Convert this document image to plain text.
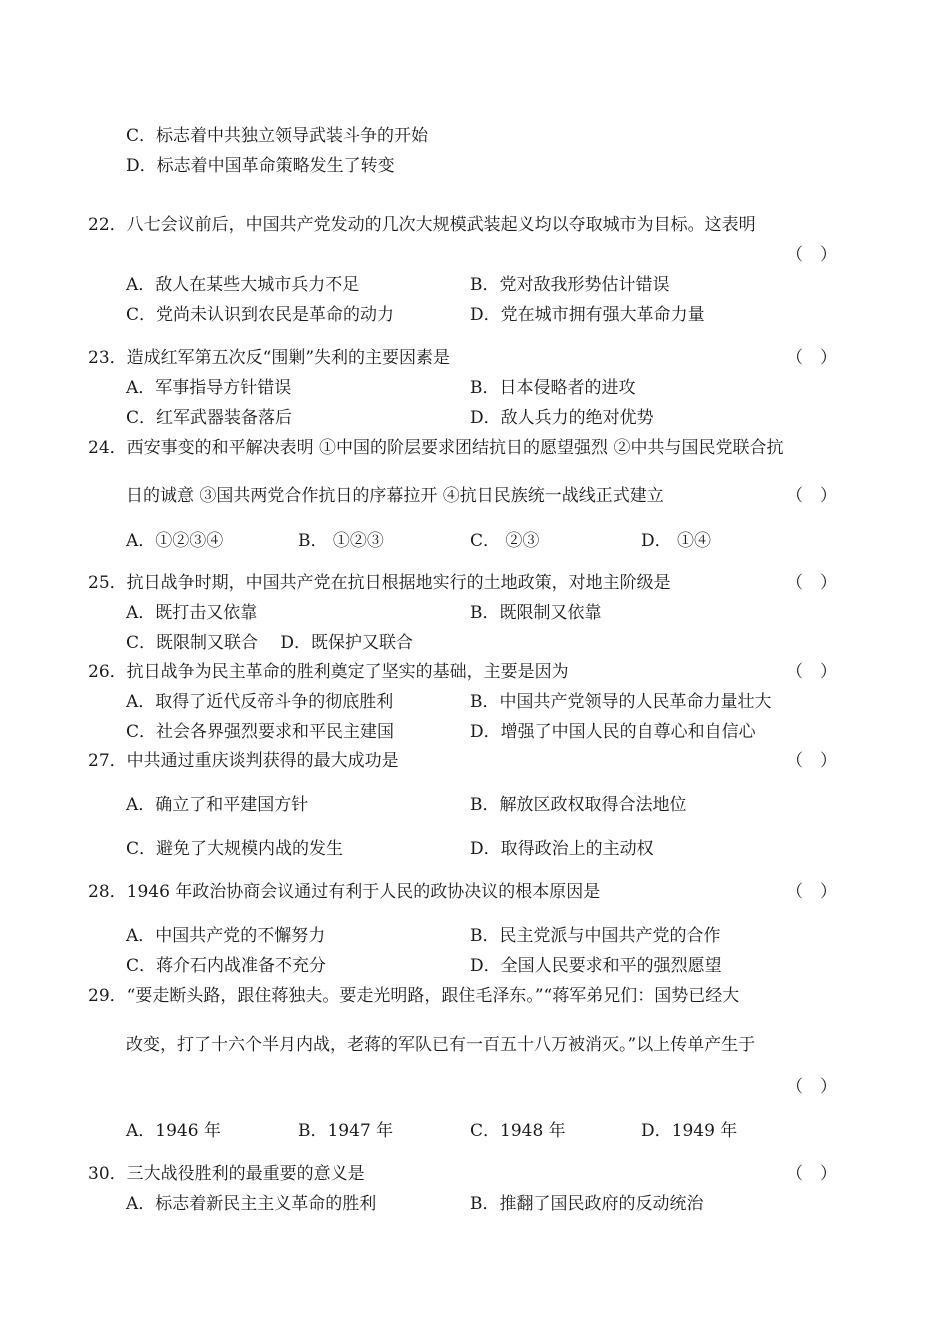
C．标志着中共独立领导武装斗争的开始
D．标志着中国革命策略发生了转变
22．八七会议前后，中国共产党发动的几次大规模武装起义均以夺取城市为目标。这表明
（　）
A．敌人在某些大城市兵力不足	B．党对敌我形势估计错误
C．党尚未认识到农民是革命的动力	D．党在城市拥有强大革命力量
23．造成红军第五次反“围剿”失利的主要因素是	（　）
A．军事指导方针错误	B．日本侵略者的进攻
C．红军武器装备落后	D．敌人兵力的绝对优势
24．西安事变的和平解决表明 ①中国的阶层要求团结抗日的愿望强烈 ②中共与国民党联合抗
日的诚意 ③国共两党合作抗日的序幕拉开 ④抗日民族统一战线正式建立	（　）
A．①②③④	B． ①②③	C． ②③	D． ①④
25．抗日战争时期，中国共产党在抗日根据地实行的土地政策，对地主阶级是	（　）
A．既打击又依靠	B．既限制又依靠
C．既限制又联合　 D．既保护又联合
26．抗日战争为民主革命的胜利奠定了坚实的基础，主要是因为	（　）
A．取得了近代反帝斗争的彻底胜利	B．中国共产党领导的人民革命力量壮大
C．社会各界强烈要求和平民主建国	D．增强了中国人民的自尊心和自信心
27．中共通过重庆谈判获得的最大成功是	（　）
A．确立了和平建国方针	B．解放区政权取得合法地位
C．避免了大规模内战的发生	D．取得政治上的主动权
28．1946 年政治协商会议通过有利于人民的政协决议的根本原因是	（　）
A．中国共产党的不懈努力	B．民主党派与中国共产党的合作
C．蒋介石内战准备不充分	D．全国人民要求和平的强烈愿望
29．“要走断头路，跟住蒋独夫。要走光明路，跟住毛泽东。”“蒋军弟兄们：国势已经大
改变，打了十六个半月内战，老蒋的军队已有一百五十八万被消灭。”以上传单产生于
（　）
A．1946 年	B．1947 年	C．1948 年	D．1949 年
30．三大战役胜利的最重要的意义是	（　）
A．标志着新民主主义革命的胜利	B．推翻了国民政府的反动统治
